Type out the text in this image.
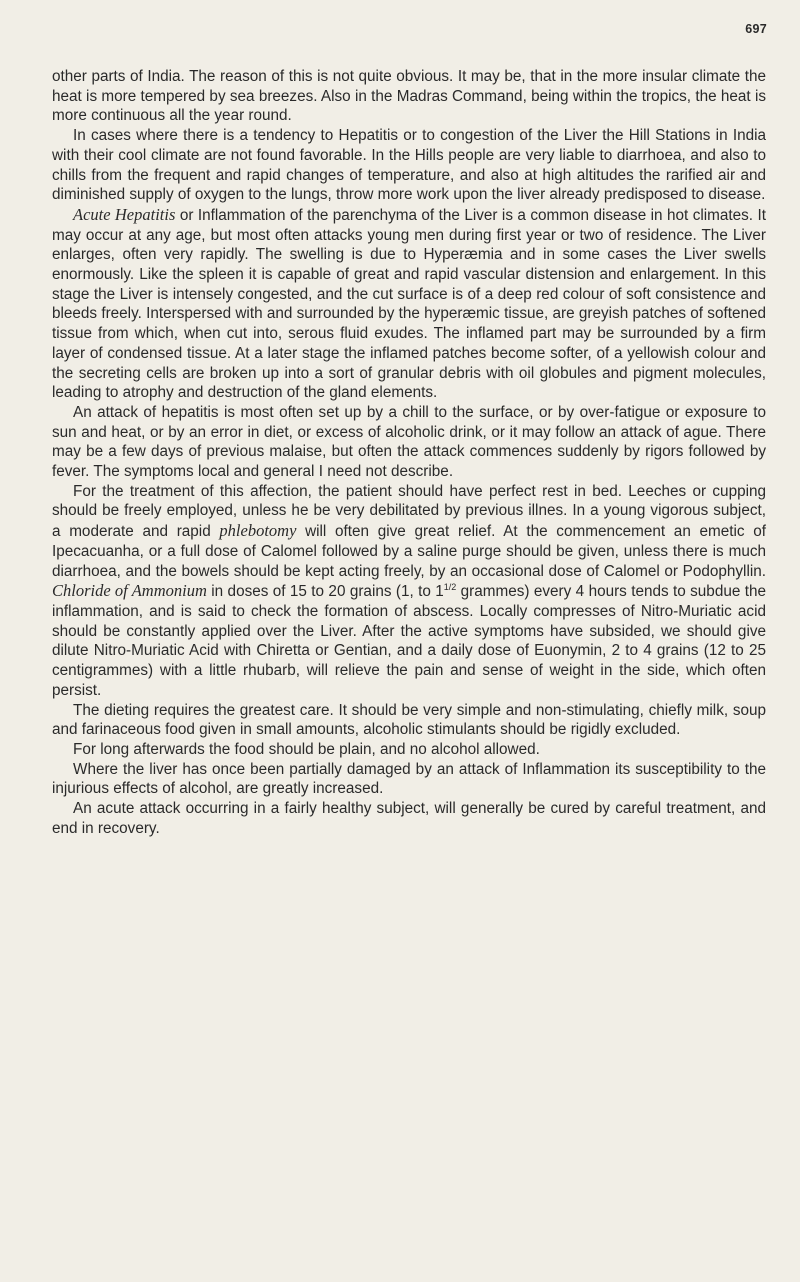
697

other parts of India. The reason of this is not quite obvious. It may be, that in the more insular climate the heat is more tempered by sea breezes. Also in the Madras Command, being within the tropics, the heat is more continuous all the year round.

In cases where there is a tendency to Hepatitis or to congestion of the Liver the Hill Stations in India with their cool climate are not found favorable. In the Hills people are very liable to diarrhoea, and also to chills from the frequent and rapid changes of temperature, and also at high altitudes the rarified air and diminished supply of oxygen to the lungs, throw more work upon the liver already predisposed to disease.

Acute Hepatitis or Inflammation of the parenchyma of the Liver is a common disease in hot climates. It may occur at any age, but most often attacks young men during first year or two of residence. The Liver enlarges, often very rapidly. The swelling is due to Hyperæmia and in some cases the Liver swells enormously. Like the spleen it is capable of great and rapid vascular distension and enlargement. In this stage the Liver is intensely congested, and the cut surface is of a deep red colour of soft consistence and bleeds freely. Interspersed with and surrounded by the hyperæmic tissue, are greyish patches of softened tissue from which, when cut into, serous fluid exudes. The inflamed part may be surrounded by a firm layer of condensed tissue. At a later stage the inflamed patches become softer, of a yellowish colour and the secreting cells are broken up into a sort of granular debris with oil globules and pigment molecules, leading to atrophy and destruction of the gland elements.

An attack of hepatitis is most often set up by a chill to the surface, or by over-fatigue or exposure to sun and heat, or by an error in diet, or excess of alcoholic drink, or it may follow an attack of ague. There may be a few days of previous malaise, but often the attack commences suddenly by rigors followed by fever. The symptoms local and general I need not describe.

For the treatment of this affection, the patient should have perfect rest in bed. Leeches or cupping should be freely employed, unless he be very debilitated by previous illnes. In a young vigorous subject, a moderate and rapid phlebotomy will often give great relief. At the commencement an emetic of Ipecacuanha, or a full dose of Calomel followed by a saline purge should be given, unless there is much diarrhoea, and the bowels should be kept acting freely, by an occasional dose of Calomel or Podophyllin. Chloride of Ammonium in doses of 15 to 20 grains (1, to $1^{1/2}$ grammes) every 4 hours tends to subdue the inflammation, and is said to check the formation of abscess. Locally compresses of Nitro-Muriatic acid should be constantly applied over the Liver. After the active symptoms have subsided, we should give dilute Nitro-Muriatic Acid with Chiretta or Gentian, and a daily dose of Euonymin, 2 to 4 grains (12 to 25 centigrammes) with a little rhubarb, will relieve the pain and sense of weight in the side, which often persist.

The dieting requires the greatest care. It should be very simple and non-stimulating, chiefly milk, soup and farinaceous food given in small amounts, alcoholic stimulants should be rigidly excluded.

For long afterwards the food should be plain, and no alcohol allowed.

Where the liver has once been partially damaged by an attack of Inflammation its susceptibility to the injurious effects of alcohol, are greatly increased.

An acute attack occurring in a fairly healthy subject, will generally be cured by careful treatment, and end in recovery.
